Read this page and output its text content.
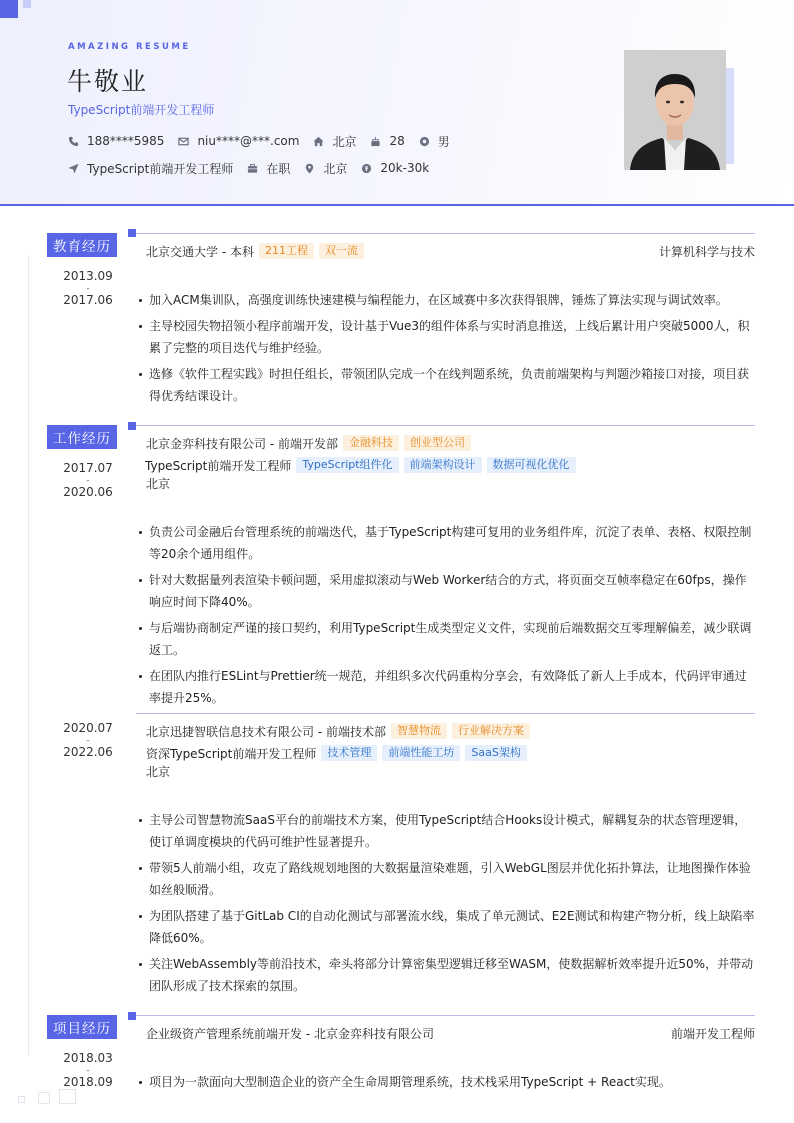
AMAZING RESUME
牛敬业
TypeScript前端开发工程师
188****5985	niu****@***.com	北京	28	男
TypeScript前端开发工程师	在职	北京	20k-30k
教育经历
2013.09
-
2017.06
北京交通大学 - 本科	211工程	双一流	计算机科学与技术
加入ACM集训队，高强度训练快速建模与编程能力，在区域赛中多次获得银牌，锤炼了算法实现与调试效率。
主导校园失物招领小程序前端开发，设计基于Vue3的组件体系与实时消息推送，上线后累计用户突破5000人，积累了完整的项目迭代与维护经验。
选修《软件工程实践》时担任组长，带领团队完成一个在线判题系统，负责前端架构与判题沙箱接口对接，项目获得优秀结课设计。
工作经历
2017.07
-
2020.06
北京金弈科技有限公司 - 前端开发部	金融科技	创业型公司
TypeScript前端开发工程师	TypeScript组件化	前端架构设计	数据可视化优化
北京
负责公司金融后台管理系统的前端迭代，基于TypeScript构建可复用的业务组件库，沉淀了表单、表格、权限控制等20余个通用组件。
针对大数据量列表渲染卡顿问题，采用虚拟滚动与Web Worker结合的方式，将页面交互帧率稳定在60fps，操作响应时间下降40%。
与后端协商制定严谨的接口契约，利用TypeScript生成类型定义文件，实现前后端数据交互零理解偏差，减少联调返工。
在团队内推行ESLint与Prettier统一规范，并组织多次代码重构分享会，有效降低了新人上手成本，代码评审通过率提升25%。
2020.07
-
2022.06
北京迅捷智联信息技术有限公司 - 前端技术部	智慧物流	行业解决方案
资深TypeScript前端开发工程师	技术管理	前端性能工坊	SaaS架构
北京
主导公司智慧物流SaaS平台的前端技术方案，使用TypeScript结合Hooks设计模式，解耦复杂的状态管理逻辑，使订单调度模块的代码可维护性显著提升。
带领5人前端小组，攻克了路线规划地图的大数据量渲染难题，引入WebGL图层并优化拓扑算法，让地图操作体验如丝般顺滑。
为团队搭建了基于GitLab CI的自动化测试与部署流水线，集成了单元测试、E2E测试和构建产物分析，线上缺陷率降低60%。
关注WebAssembly等前沿技术，牵头将部分计算密集型逻辑迁移至WASM，使数据解析效率提升近50%，并带动团队形成了技术探索的氛围。
项目经历
2018.03
-
2018.09
企业级资产管理系统前端开发 - 北京金弈科技有限公司	前端开发工程师
项目为一款面向大型制造企业的资产全生命周期管理系统，技术栈采用TypeScript + React实现。
